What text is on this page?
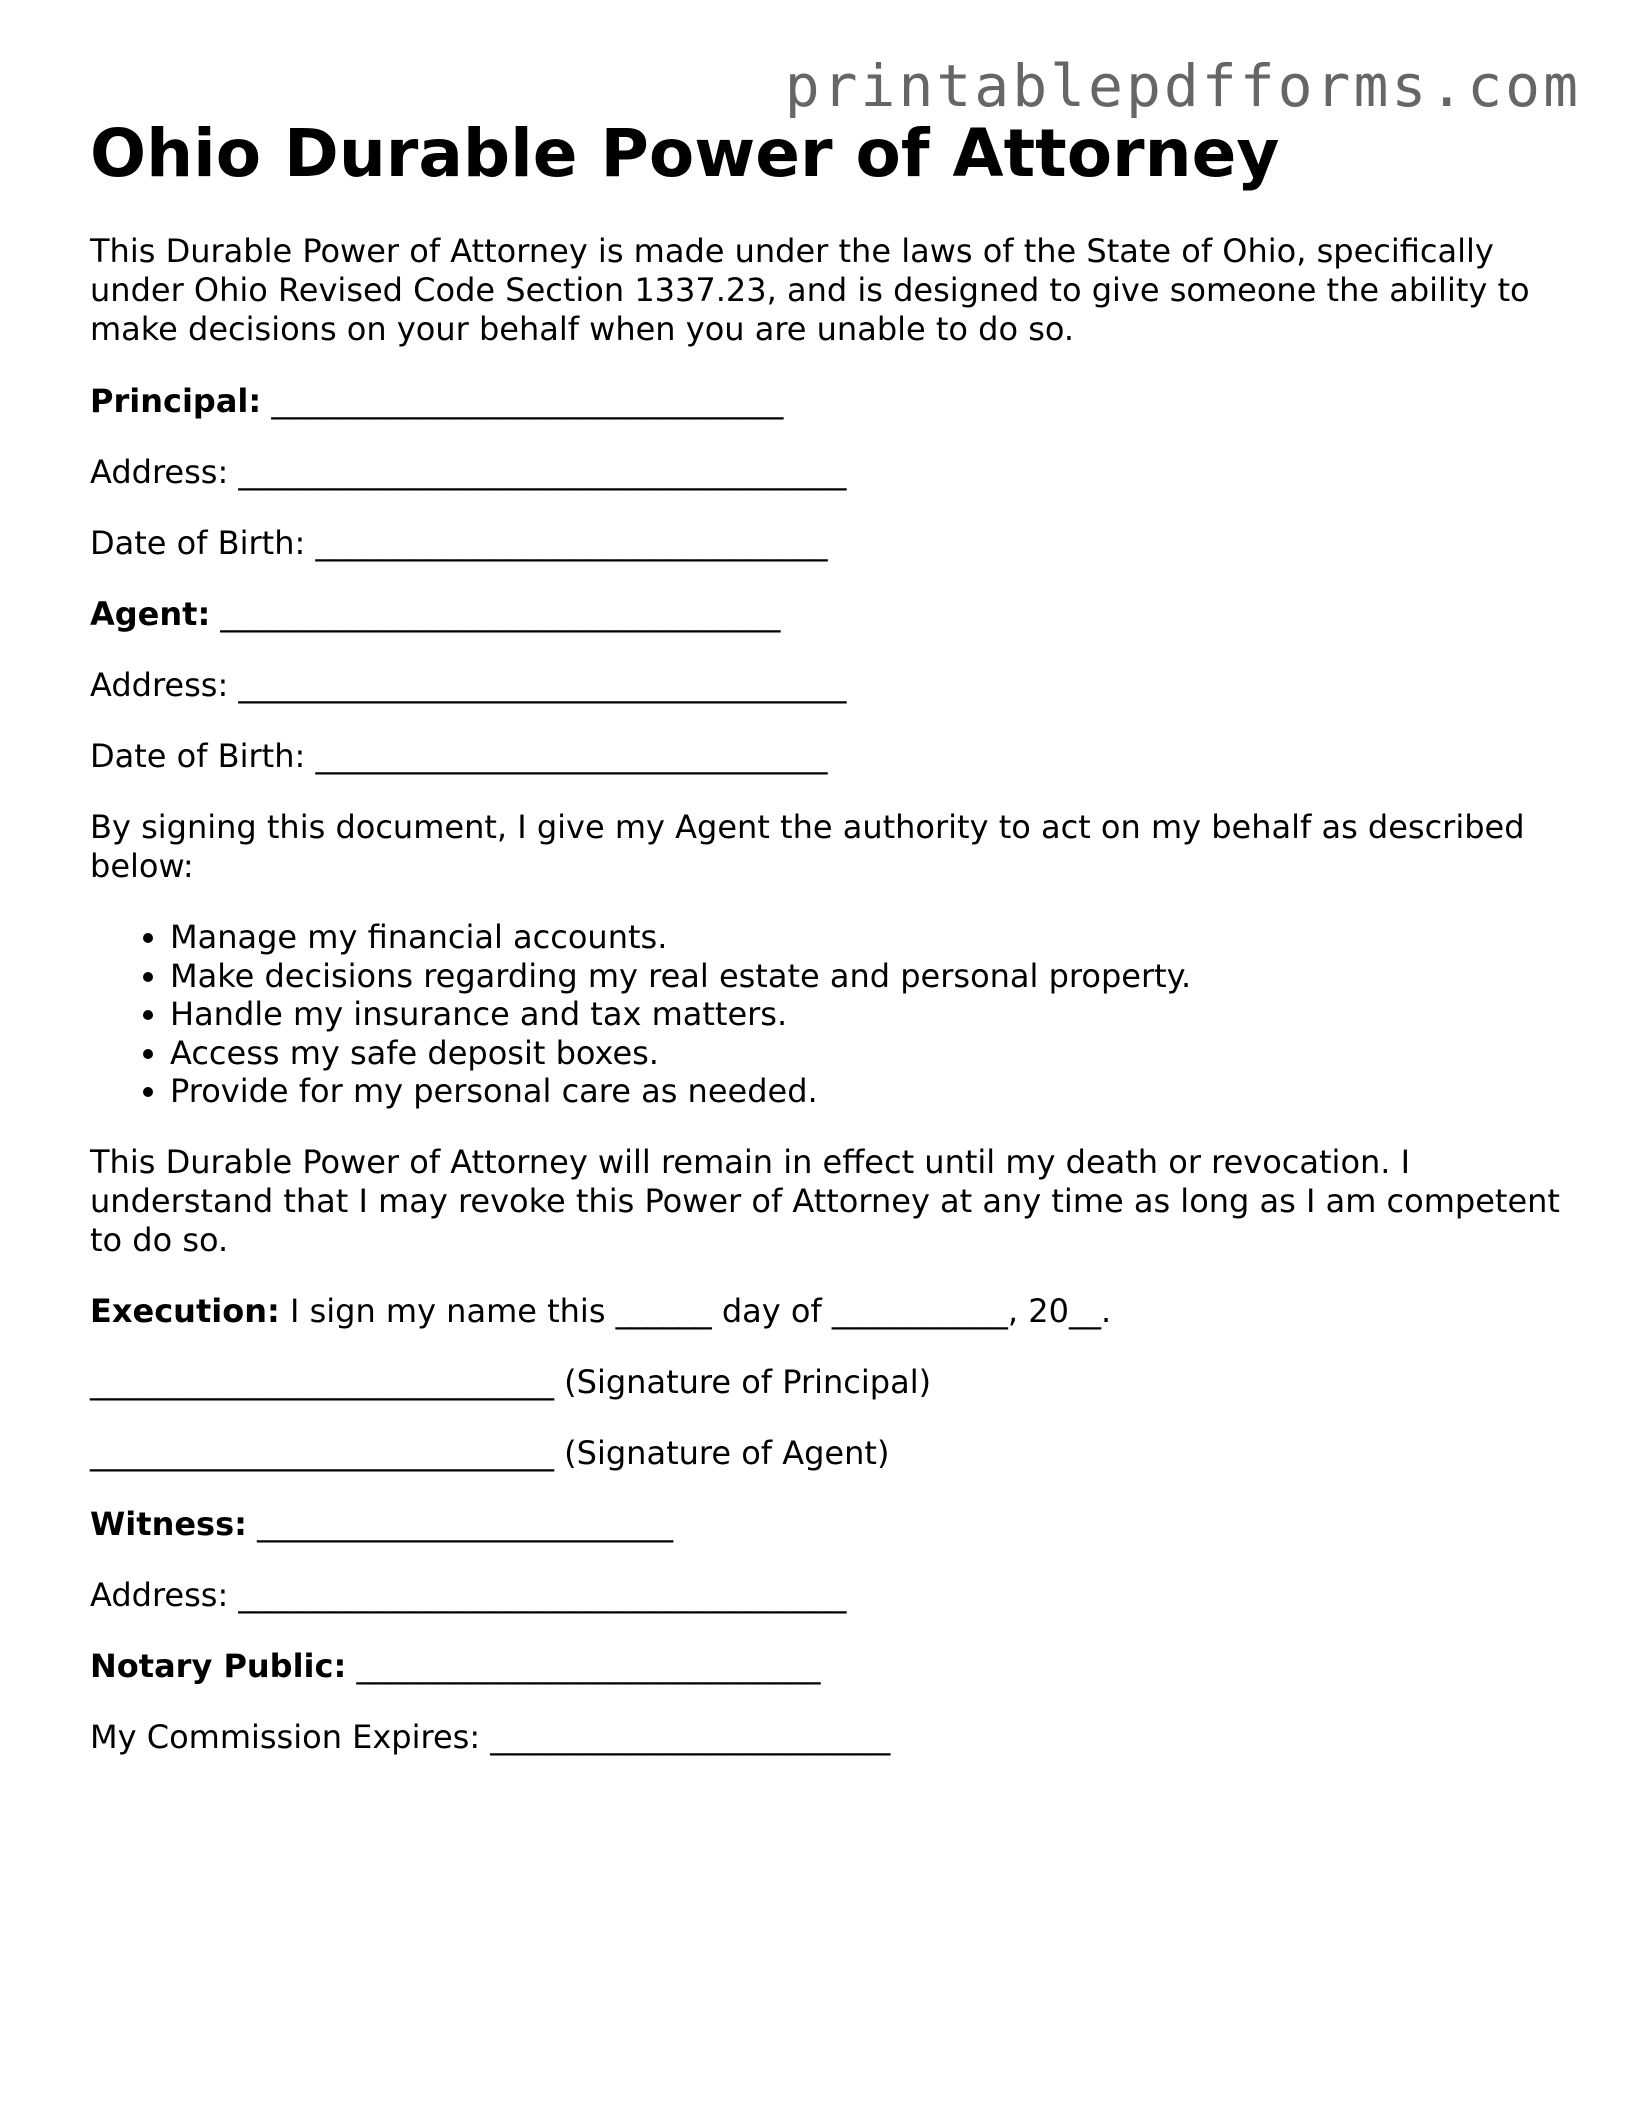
printablepdfforms.com
Ohio Durable Power of Attorney

This Durable Power of Attorney is made under the laws of the State of Ohio, specifically under Ohio Revised Code Section 1337.23, and is designed to give someone the ability to make decisions on your behalf when you are unable to do so.

Principal: ________________________________

Address: ______________________________________

Date of Birth: ________________________________

Agent: ___________________________________

Address: ______________________________________

Date of Birth: ________________________________

By signing this document, I give my Agent the authority to act on my behalf as described below:

• Manage my financial accounts.
• Make decisions regarding my real estate and personal property.
• Handle my insurance and tax matters.
• Access my safe deposit boxes.
• Provide for my personal care as needed.

This Durable Power of Attorney will remain in effect until my death or revocation. I understand that I may revoke this Power of Attorney at any time as long as I am competent to do so.

Execution: I sign my name this ______ day of ___________, 20__.

_____________________________ (Signature of Principal)

_____________________________ (Signature of Agent)

Witness: __________________________

Address: ______________________________________

Notary Public: _____________________________

My Commission Expires: _________________________
